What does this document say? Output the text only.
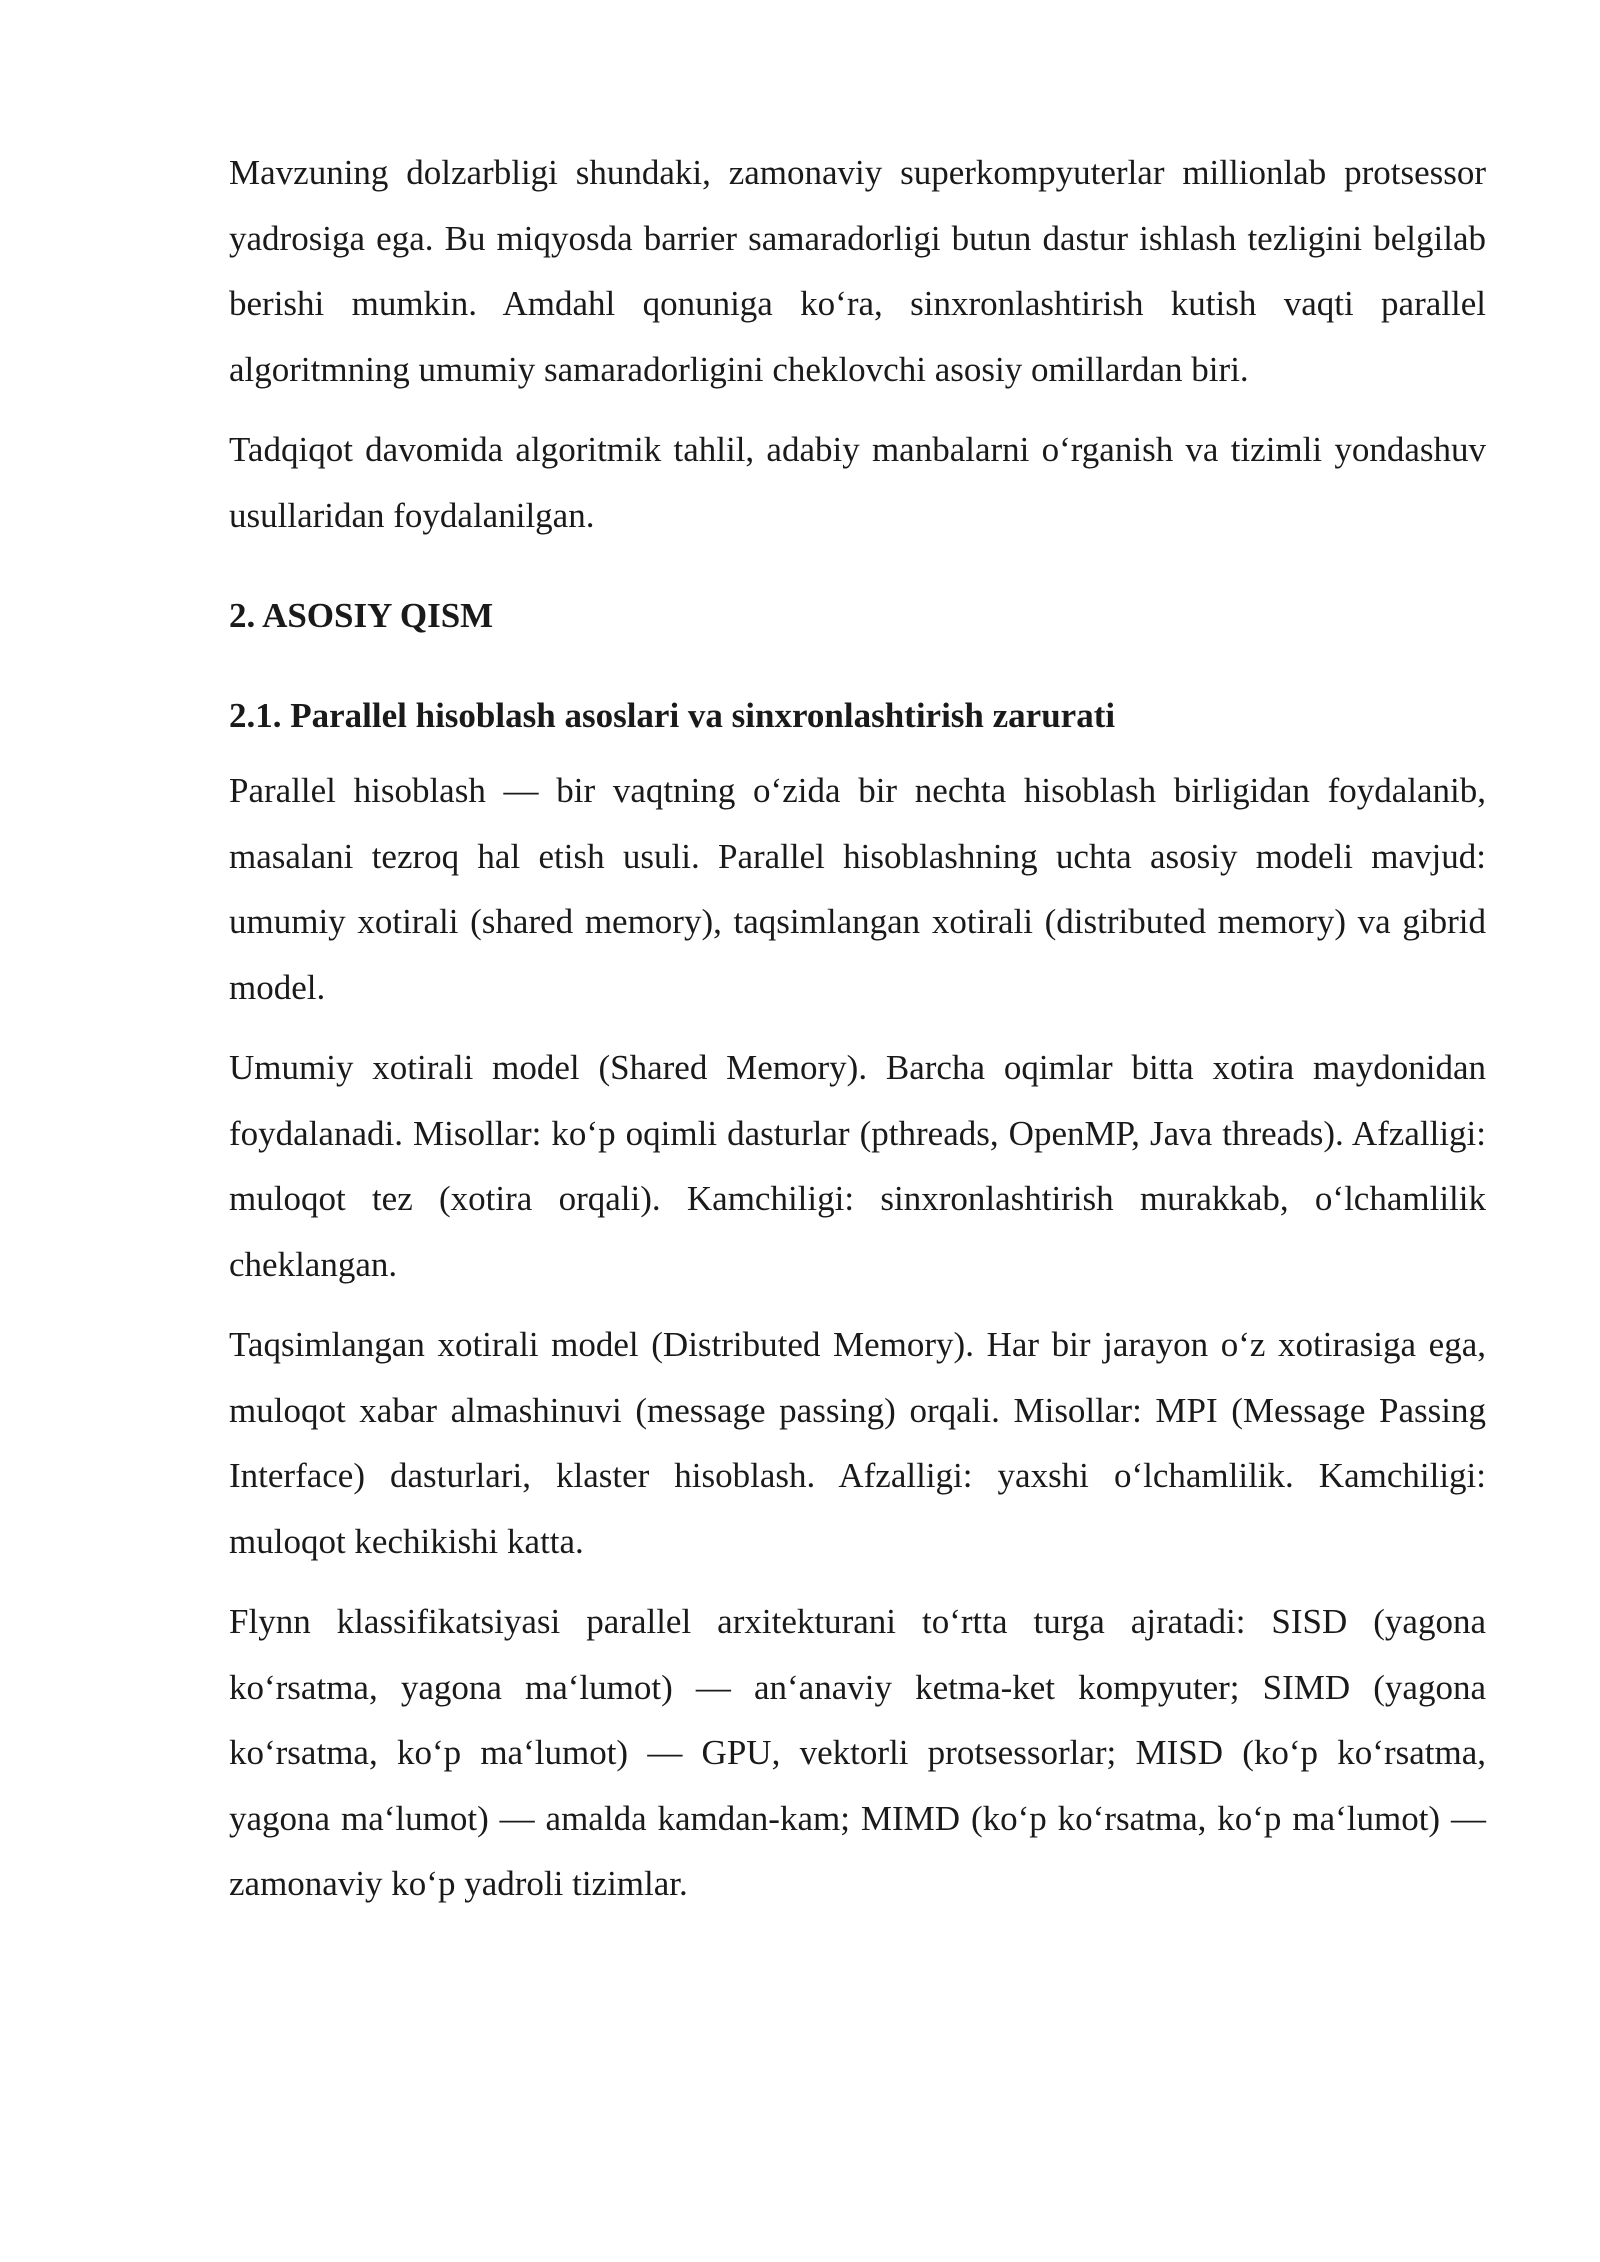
Mavzuning dolzarbligi shundaki, zamonaviy superkompyuterlar millionlab protsessor yadrosiga ega. Bu miqyosda barrier samaradorligi butun dastur ishlash tezligini belgilab berishi mumkin. Amdahl qonuniga ko‘ra, sinxronlashtirish kutish vaqti parallel algoritmning umumiy samaradorligini cheklovchi asosiy omillardan biri.

Tadqiqot davomida algoritmik tahlil, adabiy manbalarni o‘rganish va tizimli yondashuv usullaridan foydalanilgan.

2. ASOSIY QISM
2.1. Parallel hisoblash asoslari va sinxronlashtirish zarurati

Parallel hisoblash — bir vaqtning o‘zida bir nechta hisoblash birligidan foydalanib, masalani tezroq hal etish usuli. Parallel hisoblashning uchta asosiy modeli mavjud: umumiy xotirali (shared memory), taqsimlangan xotirali (distributed memory) va gibrid model.

Umumiy xotirali model (Shared Memory). Barcha oqimlar bitta xotira maydonidan foydalanadi. Misollar: ko‘p oqimli dasturlar (pthreads, OpenMP, Java threads). Afzalligi: muloqot tez (xotira orqali). Kamchiligi: sinxronlashtirish murakkab, o‘lchamlilik cheklangan.

Taqsimlangan xotirali model (Distributed Memory). Har bir jarayon o‘z xotirasiga ega, muloqot xabar almashinuvi (message passing) orqali. Misollar: MPI (Message Passing Interface) dasturlari, klaster hisoblash. Afzalligi: yaxshi o‘lchamlilik. Kamchiligi: muloqot kechikishi katta.

Flynn klassifikatsiyasi parallel arxitekturani to‘rtta turga ajratadi: SISD (yagona ko‘rsatma, yagona ma‘lumot) — an‘anaviy ketma-ket kompyuter; SIMD (yagona ko‘rsatma, ko‘p ma‘lumot) — GPU, vektorli protsessorlar; MISD (ko‘p ko‘rsatma, yagona ma‘lumot) — amalda kamdan-kam; MIMD (ko‘p ko‘rsatma, ko‘p ma‘lumot) — zamonaviy ko‘p yadroli tizimlar.
